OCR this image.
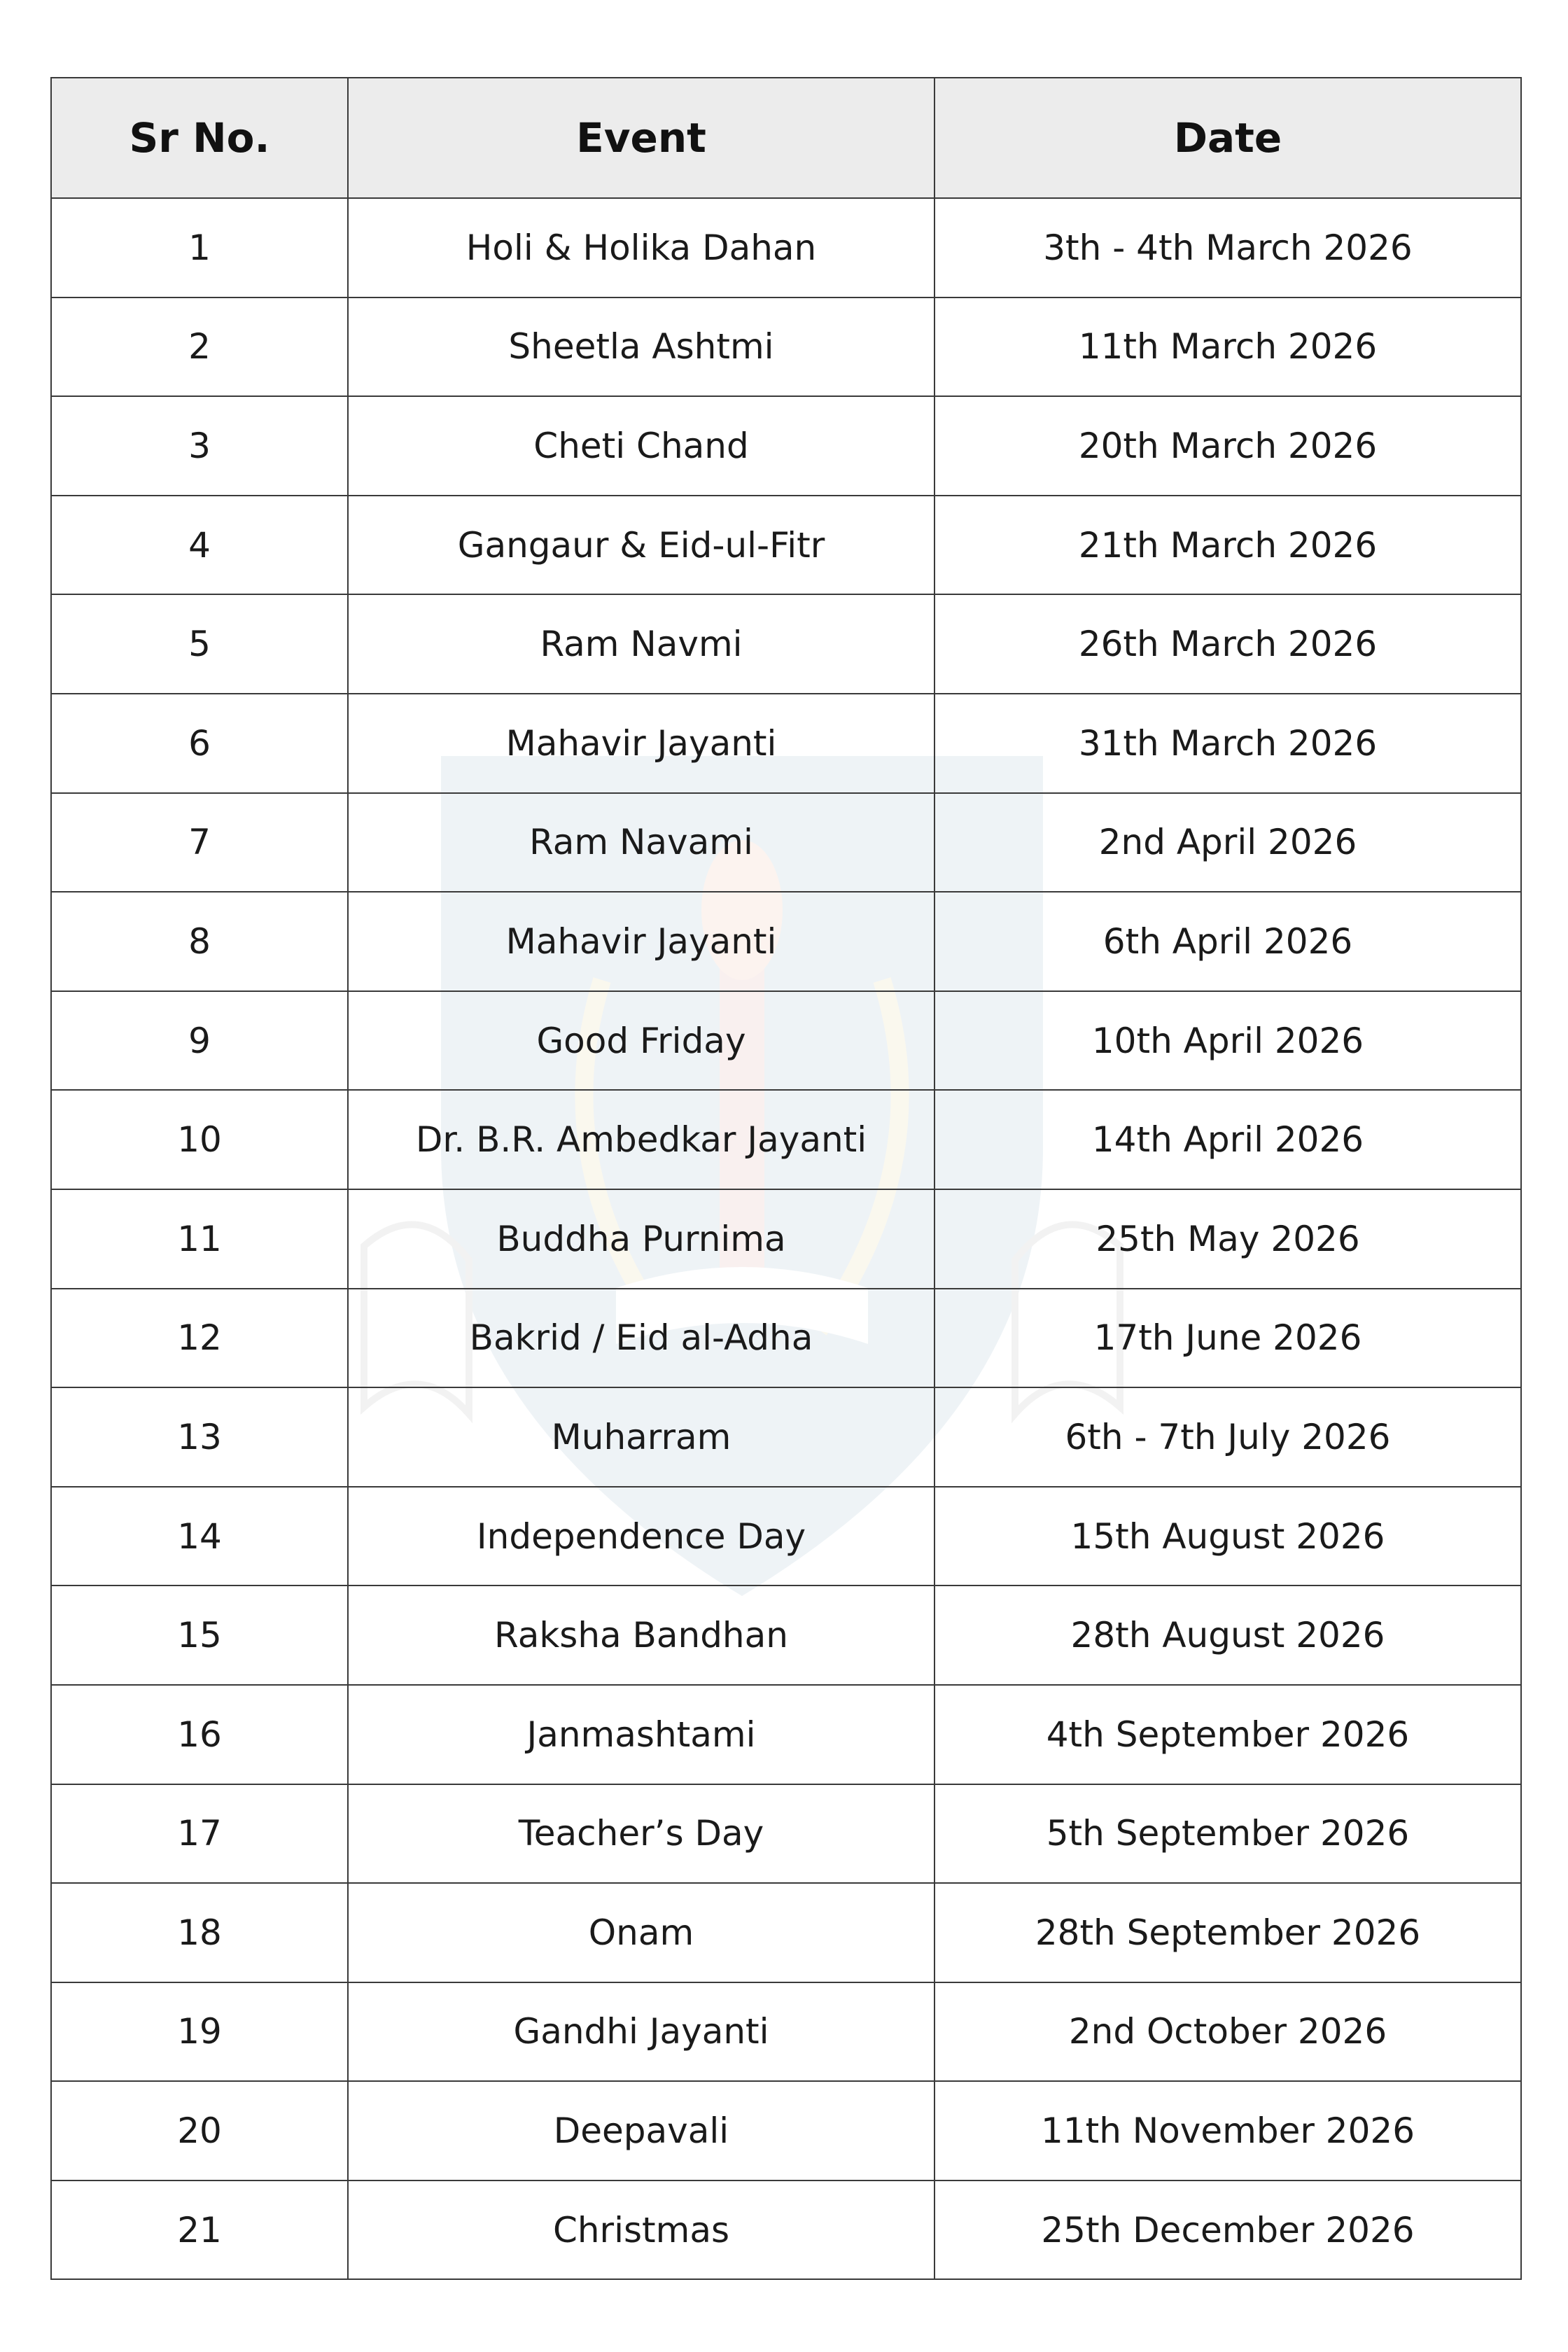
Sr No.	Event	Date
1	Holi & Holika Dahan	3th - 4th March 2026
2	Sheetla Ashtmi	11th March 2026
3	Cheti Chand	20th March 2026
4	Gangaur & Eid-ul-Fitr	21th March 2026
5	Ram Navmi	26th March 2026
6	Mahavir Jayanti	31th March 2026
7	Ram Navami	2nd April 2026
8	Mahavir Jayanti	6th April 2026
9	Good Friday	10th April 2026
10	Dr. B.R. Ambedkar Jayanti	14th April 2026
11	Buddha Purnima	25th May 2026
12	Bakrid / Eid al-Adha	17th June 2026
13	Muharram	6th - 7th July 2026
14	Independence Day	15th August 2026
15	Raksha Bandhan	28th August 2026
16	Janmashtami	4th September 2026
17	Teacher’s Day	5th September 2026
18	Onam	28th September 2026
19	Gandhi Jayanti	2nd October 2026
20	Deepavali	11th November 2026
21	Christmas	25th December 2026
